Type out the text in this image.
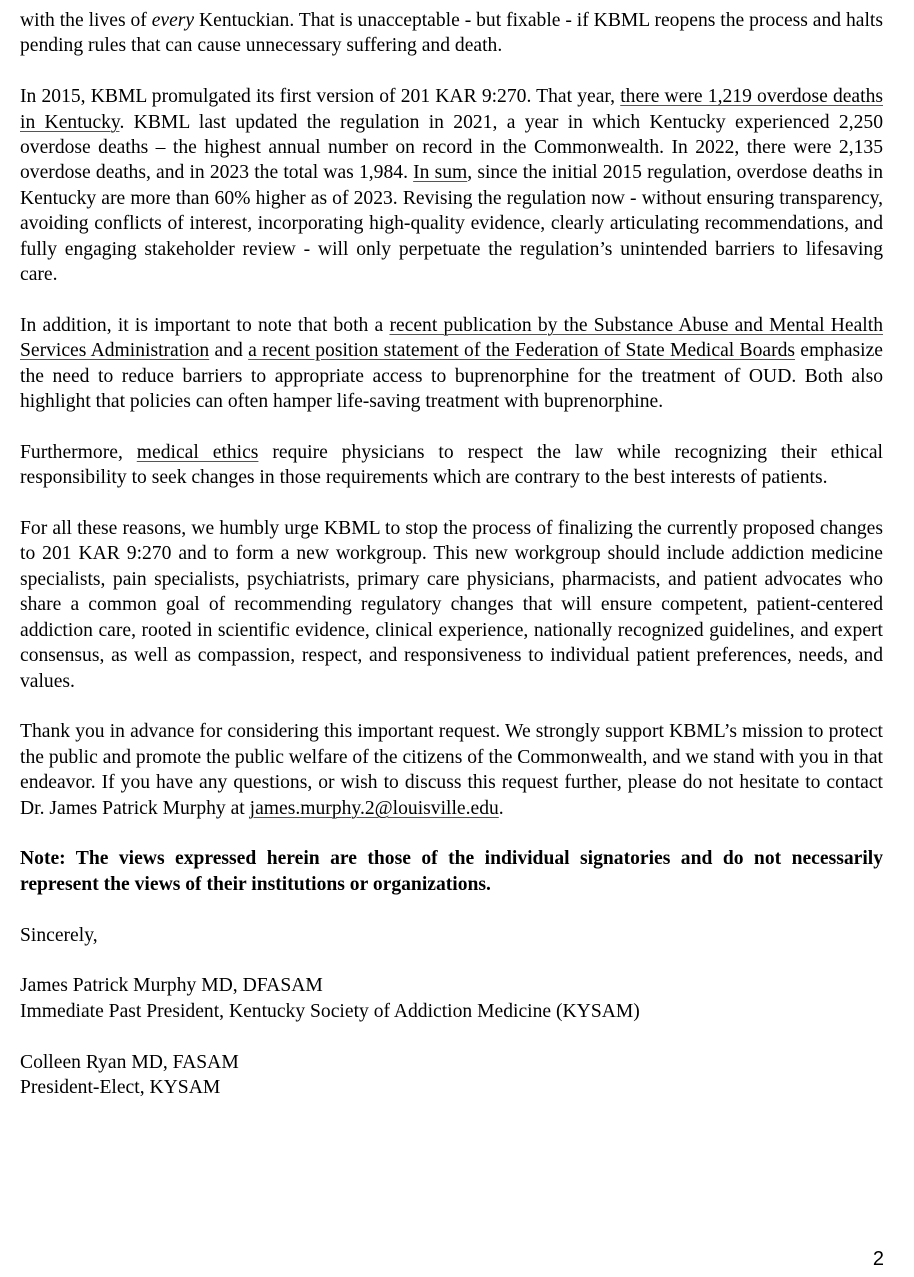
with the lives of every Kentuckian. That is unacceptable - but fixable - if KBML reopens the process and halts pending rules that can cause unnecessary suffering and death.

In 2015, KBML promulgated its first version of 201 KAR 9:270. That year, there were 1,219 overdose deaths in Kentucky. KBML last updated the regulation in 2021, a year in which Kentucky experienced 2,250 overdose deaths – the highest annual number on record in the Commonwealth. In 2022, there were 2,135 overdose deaths, and in 2023 the total was 1,984. In sum, since the initial 2015 regulation, overdose deaths in Kentucky are more than 60% higher as of 2023. Revising the regulation now - without ensuring transparency, avoiding conflicts of interest, incorporating high-quality evidence, clearly articulating recommendations, and fully engaging stakeholder review - will only perpetuate the regulation’s unintended barriers to lifesaving care.

In addition, it is important to note that both a recent publication by the Substance Abuse and Mental Health Services Administration and a recent position statement of the Federation of State Medical Boards emphasize the need to reduce barriers to appropriate access to buprenorphine for the treatment of OUD. Both also highlight that policies can often hamper life-saving treatment with buprenorphine.

Furthermore, medical ethics require physicians to respect the law while recognizing their ethical responsibility to seek changes in those requirements which are contrary to the best interests of patients.

For all these reasons, we humbly urge KBML to stop the process of finalizing the currently proposed changes to 201 KAR 9:270 and to form a new workgroup. This new workgroup should include addiction medicine specialists, pain specialists, psychiatrists, primary care physicians, pharmacists, and patient advocates who share a common goal of recommending regulatory changes that will ensure competent, patient-centered addiction care, rooted in scientific evidence, clinical experience, nationally recognized guidelines, and expert consensus, as well as compassion, respect, and responsiveness to individual patient preferences, needs, and values.

Thank you in advance for considering this important request. We strongly support KBML’s mission to protect the public and promote the public welfare of the citizens of the Commonwealth, and we stand with you in that endeavor. If you have any questions, or wish to discuss this request further, please do not hesitate to contact Dr. James Patrick Murphy at james.murphy.2@louisville.edu.

Note: The views expressed herein are those of the individual signatories and do not necessarily represent the views of their institutions or organizations.

Sincerely,
James Patrick Murphy MD, DFASAM
Immediate Past President, Kentucky Society of Addiction Medicine (KYSAM)
Colleen Ryan MD, FASAM
President-Elect, KYSAM
2
